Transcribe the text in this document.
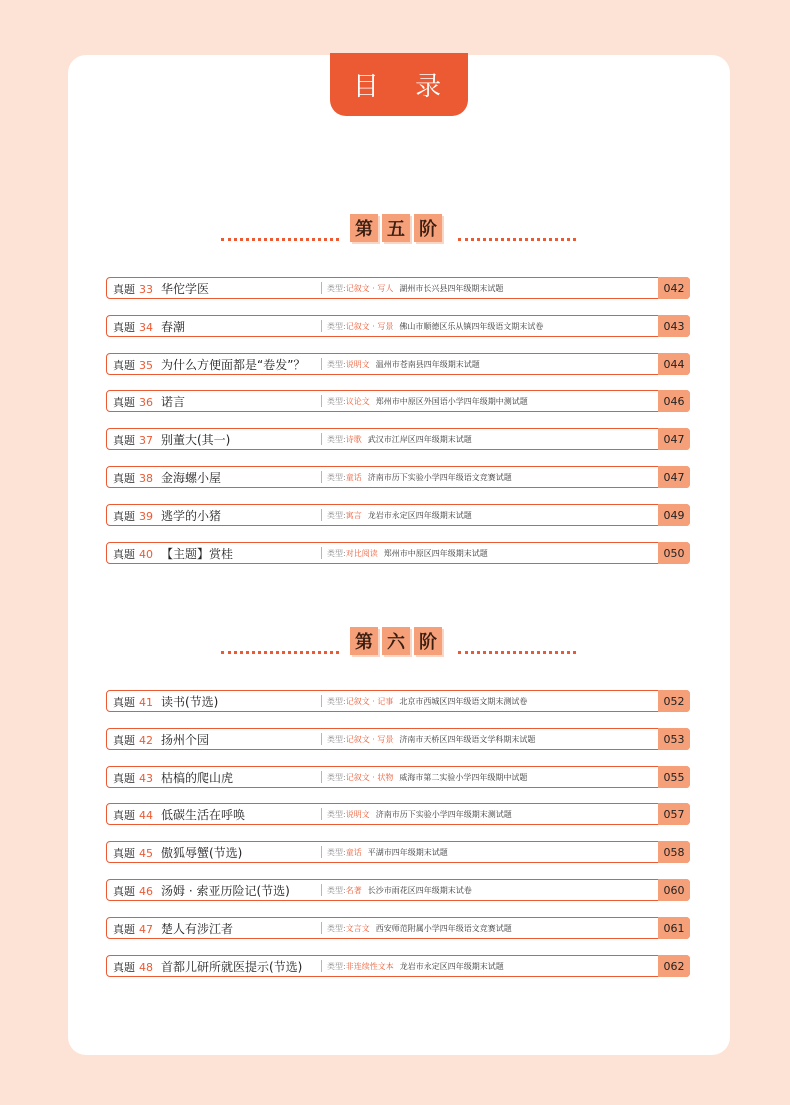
目 录
第 五 阶
真题 33 华佗学医	类型:记叙文 · 写人 湖州市长兴县四年级期末试题	042
真题 34 春潮	类型:记叙文 · 写景 佛山市顺德区乐从镇四年级语文期末试卷	043
真题 35 为什么方便面都是“卷发”？	类型:说明文 温州市苍南县四年级期末试题	044
真题 36 诺言	类型:议论文 郑州市中原区外国语小学四年级期中测试题	046
真题 37 别董大(其一)	类型:诗歌 武汉市江岸区四年级期末试题	047
真题 38 金海螺小屋	类型:童话 济南市历下实验小学四年级语文竞赛试题	047
真题 39 逃学的小猪	类型:寓言 龙岩市永定区四年级期末试题	049
真题 40 【主题】赏桂	类型:对比阅读 郑州市中原区四年级期末试题	050
第 六 阶
真题 41 读书(节选)	类型:记叙文 · 记事 北京市西城区四年级语文期末测试卷	052
真题 42 扬州个园	类型:记叙文 · 写景 济南市天桥区四年级语文学科期末试题	053
真题 43 枯槁的爬山虎	类型:记叙文 · 状物 威海市第二实验小学四年级期中试题	055
真题 44 低碳生活在呼唤	类型:说明文 济南市历下实验小学四年级期末测试题	057
真题 45 傲狐辱蟹(节选)	类型:童话 平湖市四年级期末试题	058
真题 46 汤姆 · 索亚历险记(节选)	类型:名著 长沙市雨花区四年级期末试卷	060
真题 47 楚人有涉江者	类型:文言文 西安师范附属小学四年级语文竞赛试题	061
真题 48 首都儿研所就医提示(节选)	类型:非连续性文本 龙岩市永定区四年级期末试题	062
